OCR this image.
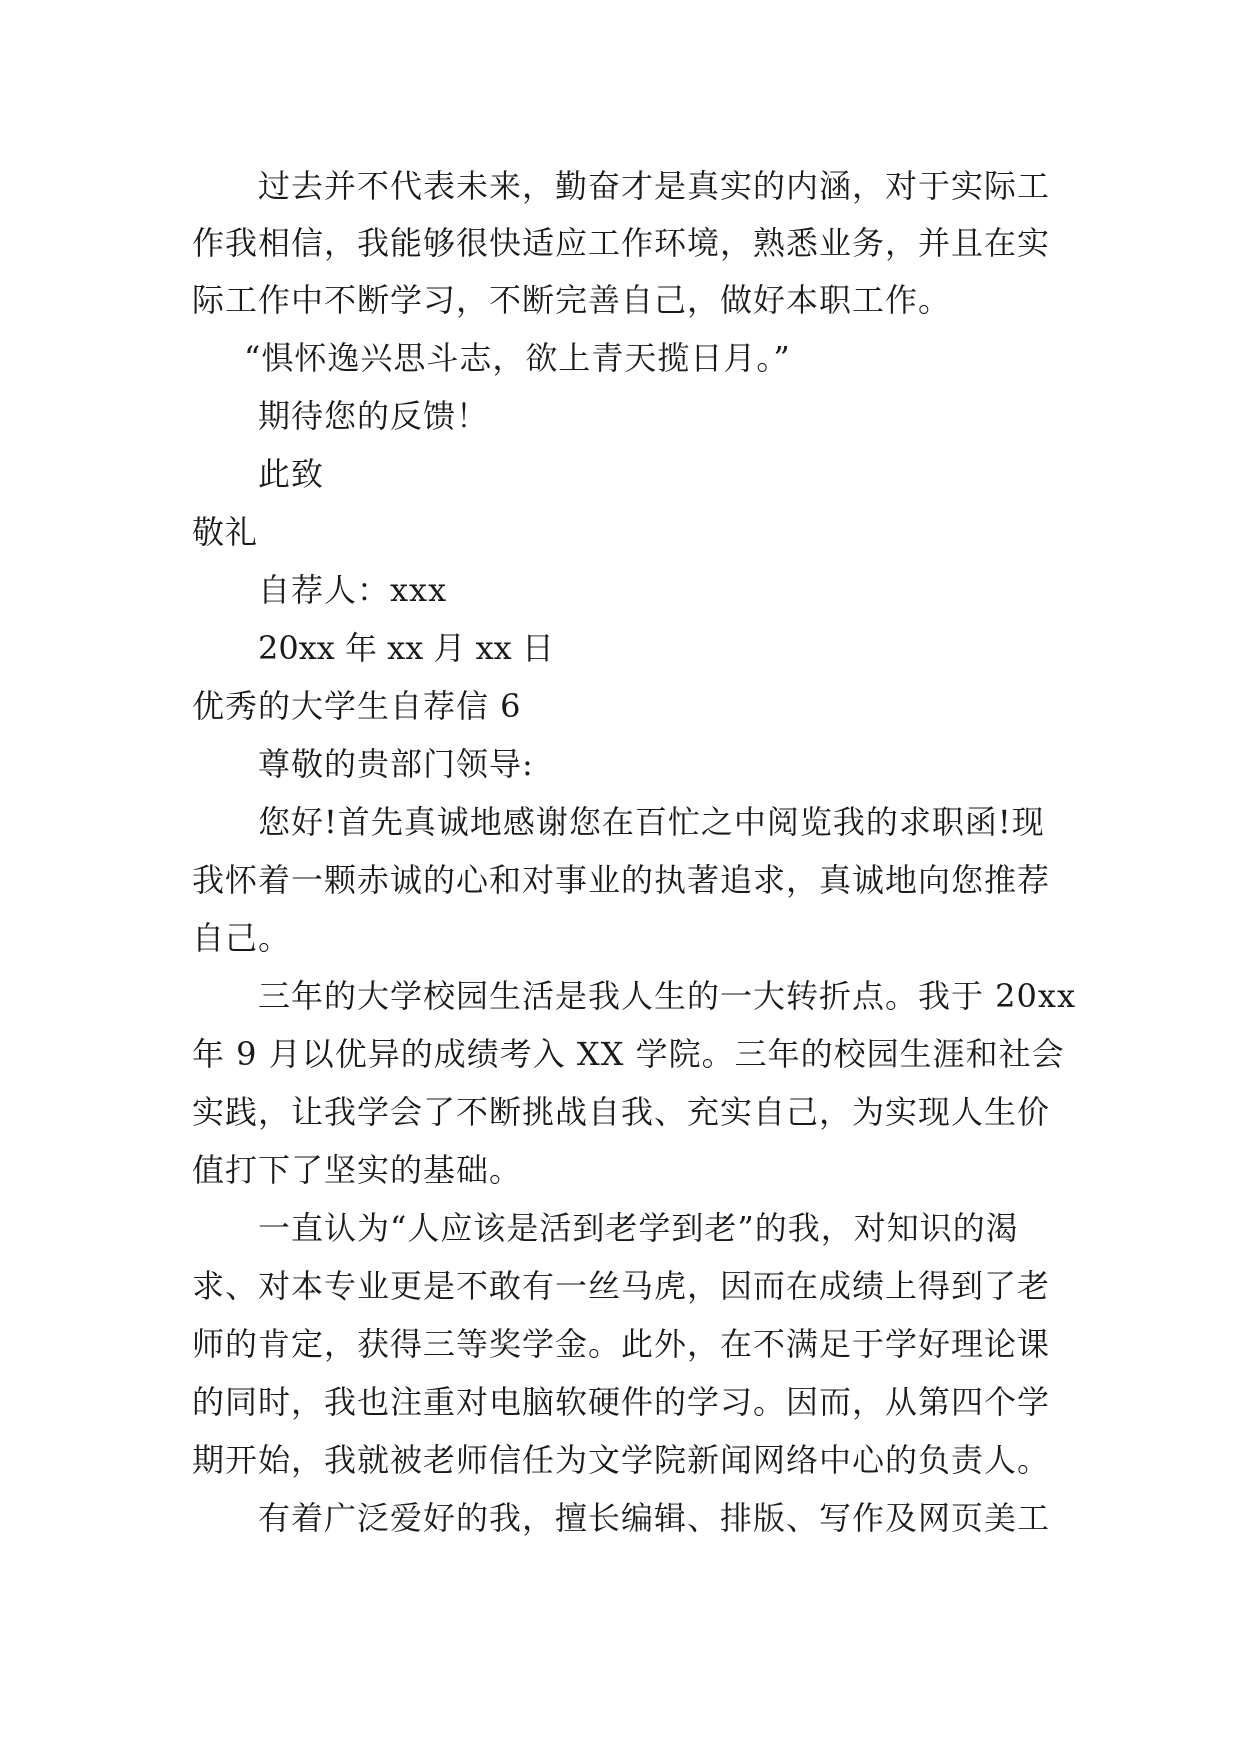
过去并不代表未来，勤奋才是真实的内涵，对于实际工

作我相信，我能够很快适应工作环境，熟悉业务，并且在实

际工作中不断学习，不断完善自己，做好本职工作。

“惧怀逸兴思斗志，欲上青天揽日月。”

期待您的反馈！

此致

敬礼

自荐人：xxx

20xx 年 xx 月 xx 日

优秀的大学生自荐信 6

尊敬的贵部门领导:

您好!首先真诚地感谢您在百忙之中阅览我的求职函!现

我怀着一颗赤诚的心和对事业的执著追求，真诚地向您推荐

自己。

三年的大学校园生活是我人生的一大转折点。我于 20xx

年 9 月以优异的成绩考入 XX 学院。三年的校园生涯和社会

实践，让我学会了不断挑战自我、充实自己，为实现人生价

值打下了坚实的基础。

一直认为“人应该是活到老学到老”的我，对知识的渴

求、对本专业更是不敢有一丝马虎，因而在成绩上得到了老

师的肯定，获得三等奖学金。此外，在不满足于学好理论课

的同时，我也注重对电脑软硬件的学习。因而，从第四个学

期开始，我就被老师信任为文学院新闻网络中心的负责人。

有着广泛爱好的我，擅长编辑、排版、写作及网页美工
